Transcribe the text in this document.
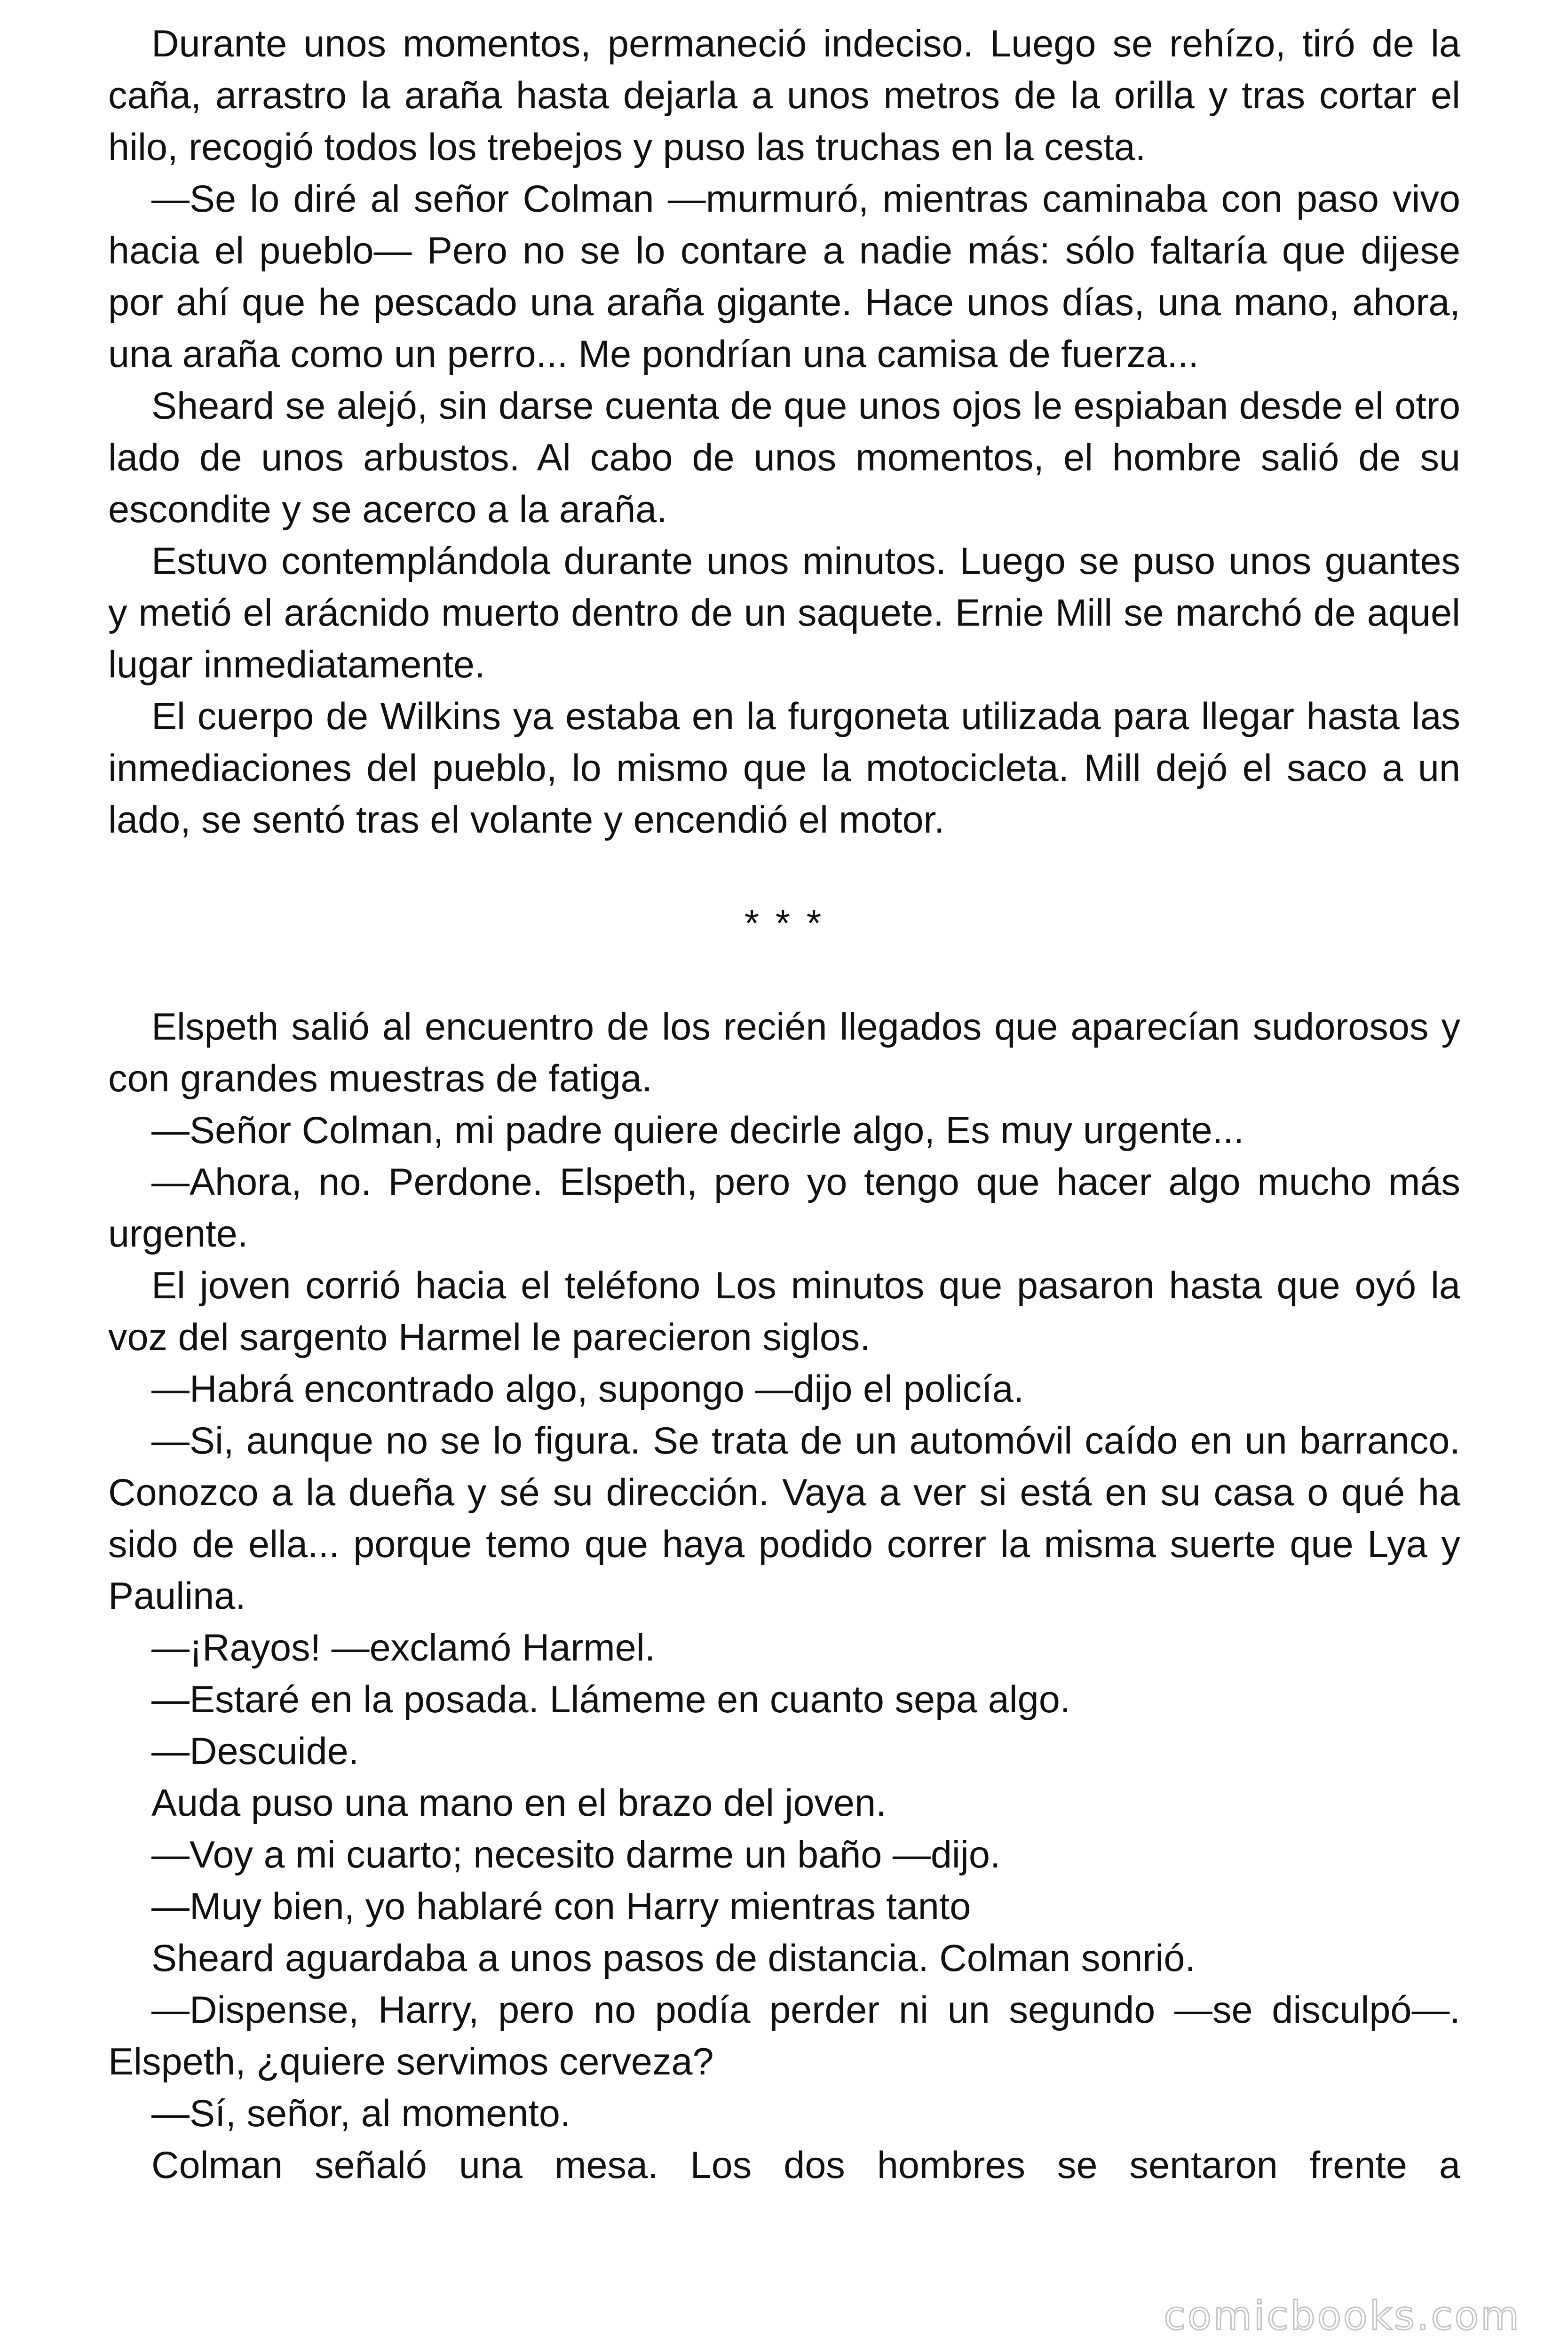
Durante unos momentos, permaneció indeciso. Luego se rehízo, tiró de la caña, arrastro la araña hasta dejarla a unos metros de la orilla y tras cortar el hilo, recogió todos los trebejos y puso las truchas en la cesta.

—Se lo diré al señor Colman —murmuró, mientras caminaba con paso vivo hacia el pueblo— Pero no se lo contare a nadie más: sólo faltaría que dijese por ahí que he pescado una araña gigante. Hace unos días, una mano, ahora, una araña como un perro... Me pondrían una camisa de fuerza...

Sheard se alejó, sin darse cuenta de que unos ojos le espiaban desde el otro lado de unos arbustos. Al cabo de unos momentos, el hombre salió de su escondite y se acerco a la araña.

Estuvo contemplándola durante unos minutos. Luego se puso unos guantes y metió el arácnido muerto dentro de un saquete. Ernie Mill se marchó de aquel lugar inmediatamente.

El cuerpo de Wilkins ya estaba en la furgoneta utilizada para llegar hasta las inmediaciones del pueblo, lo mismo que la motocicleta. Mill dejó el saco a un lado, se sentó tras el volante y encendió el motor.

* * *

Elspeth salió al encuentro de los recién llegados que aparecían sudorosos y con grandes muestras de fatiga.

—Señor Colman, mi padre quiere decirle algo, Es muy urgente...

—Ahora, no. Perdone. Elspeth, pero yo tengo que hacer algo mucho más urgente.

El joven corrió hacia el teléfono Los minutos que pasaron hasta que oyó la voz del sargento Harmel le parecieron siglos.

—Habrá encontrado algo, supongo —dijo el policía.

—Si, aunque no se lo figura. Se trata de un automóvil caído en un barranco. Conozco a la dueña y sé su dirección. Vaya a ver si está en su casa o qué ha sido de ella... porque temo que haya podido correr la misma suerte que Lya y Paulina.

—¡Rayos! —exclamó Harmel.

—Estaré en la posada. Llámeme en cuanto sepa algo.

—Descuide.

Auda puso una mano en el brazo del joven.

—Voy a mi cuarto; necesito darme un baño —dijo.

—Muy bien, yo hablaré con Harry mientras tanto

Sheard aguardaba a unos pasos de distancia. Colman sonrió.

—Dispense, Harry, pero no podía perder ni un segundo —se disculpó—. Elspeth, ¿quiere servimos cerveza?

—Sí, señor, al momento.

Colman señaló una mesa. Los dos hombres se sentaron frente a

comicbooks.com
